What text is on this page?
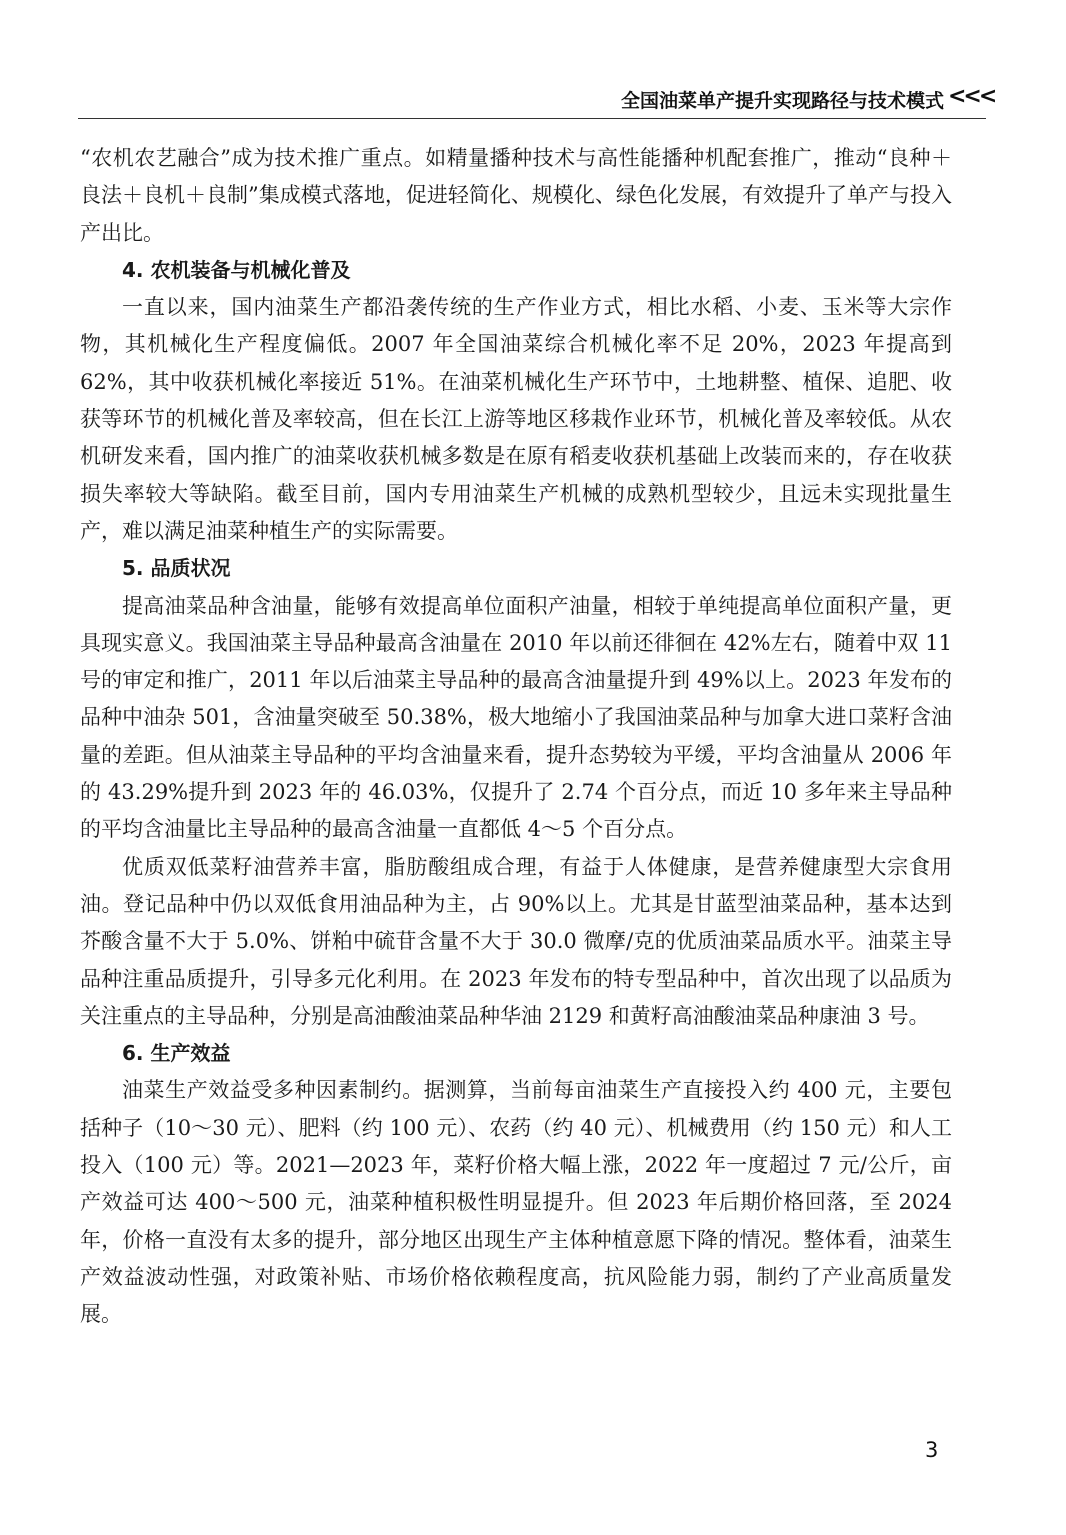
全国油菜单产提升实现路径与技术模式 <<<

“农机农艺融合”成为技术推广重点。如精量播种技术与高性能播种机配套推广，推动“良种＋良法＋良机＋良制”集成模式落地，促进轻简化、规模化、绿色化发展，有效提升了单产与投入产出比。

4. 农机装备与机械化普及

一直以来，国内油菜生产都沿袭传统的生产作业方式，相比水稻、小麦、玉米等大宗作物，其机械化生产程度偏低。2007 年全国油菜综合机械化率不足 20%，2023 年提高到 62%，其中收获机械化率接近 51%。在油菜机械化生产环节中，土地耕整、植保、追肥、收获等环节的机械化普及率较高，但在长江上游等地区移栽作业环节，机械化普及率较低。从农机研发来看，国内推广的油菜收获机械多数是在原有稻麦收获机基础上改装而来的，存在收获损失率较大等缺陷。截至目前，国内专用油菜生产机械的成熟机型较少，且远未实现批量生产，难以满足油菜种植生产的实际需要。

5. 品质状况

提高油菜品种含油量，能够有效提高单位面积产油量，相较于单纯提高单位面积产量，更具现实意义。我国油菜主导品种最高含油量在 2010 年以前还徘徊在 42%左右，随着中双 11 号的审定和推广，2011 年以后油菜主导品种的最高含油量提升到 49%以上。2023 年发布的品种中油杂 501，含油量突破至 50.38%，极大地缩小了我国油菜品种与加拿大进口菜籽含油量的差距。但从油菜主导品种的平均含油量来看，提升态势较为平缓，平均含油量从 2006 年的 43.29%提升到 2023 年的 46.03%，仅提升了 2.74 个百分点，而近 10 多年来主导品种的平均含油量比主导品种的最高含油量一直都低 4～5 个百分点。

优质双低菜籽油营养丰富，脂肪酸组成合理，有益于人体健康，是营养健康型大宗食用油。登记品种中仍以双低食用油品种为主，占 90%以上。尤其是甘蓝型油菜品种，基本达到芥酸含量不大于 5.0%、饼粕中硫苷含量不大于 30.0 微摩/克的优质油菜品质水平。油菜主导品种注重品质提升，引导多元化利用。在 2023 年发布的特专型品种中，首次出现了以品质为关注重点的主导品种，分别是高油酸油菜品种华油 2129 和黄籽高油酸油菜品种康油 3 号。

6. 生产效益

油菜生产效益受多种因素制约。据测算，当前每亩油菜生产直接投入约 400 元，主要包括种子（10～30 元）、肥料（约 100 元）、农药（约 40 元）、机械费用（约 150 元）和人工投入（100 元）等。2021—2023 年，菜籽价格大幅上涨，2022 年一度超过 7 元/公斤，亩产效益可达 400～500 元，油菜种植积极性明显提升。但 2023 年后期价格回落，至 2024 年，价格一直没有太多的提升，部分地区出现生产主体种植意愿下降的情况。整体看，油菜生产效益波动性强，对政策补贴、市场价格依赖程度高，抗风险能力弱，制约了产业高质量发展。

3
